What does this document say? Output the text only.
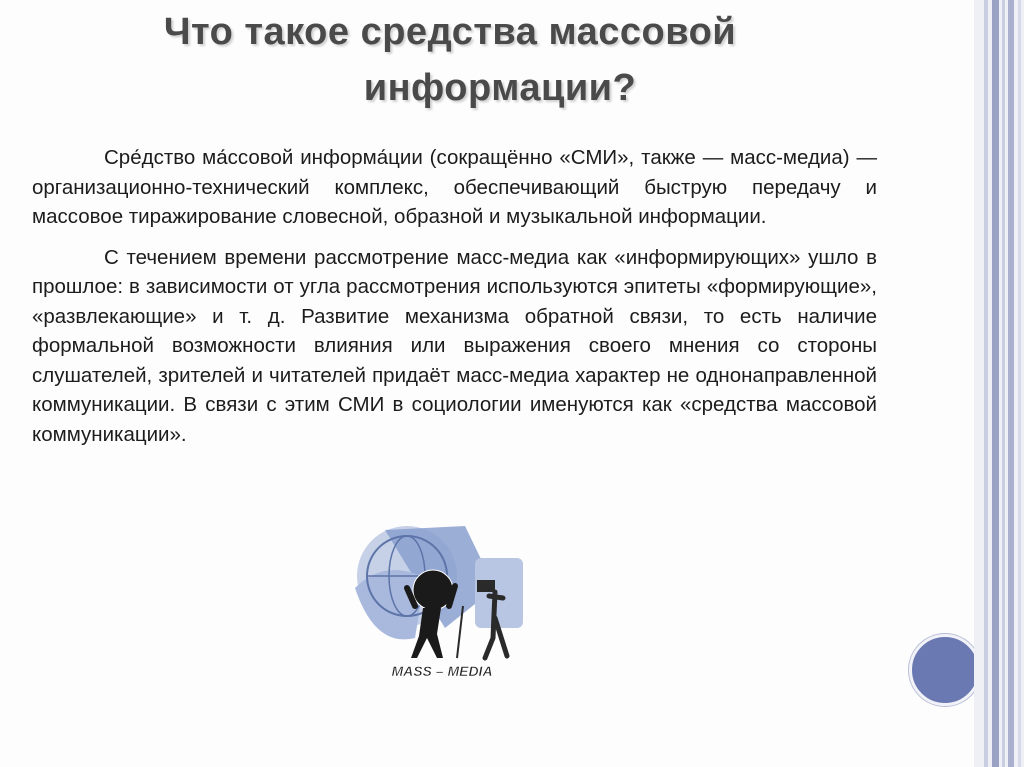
Что такое средства массовой
информации?

Сре́дство ма́ссовой информа́ции (сокращённо «СМИ», также — масс-медиа) — организационно-технический комплекс, обеспечивающий быструю передачу и массовое тиражирование словесной, образной и музыкальной информации.

С течением времени рассмотрение масс-медиа как «информирующих» ушло в прошлое: в зависимости от угла рассмотрения используются эпитеты «формирующие», «развлекающие» и т. д. Развитие механизма обратной связи, то есть наличие формальной возможности влияния или выражения своего мнения со стороны слушателей, зрителей и читателей придаёт масс-медиа характер не однонаправленной коммуникации. В связи с этим СМИ в социологии именуются как «средства массовой коммуникации».

MASS – MEDIA
